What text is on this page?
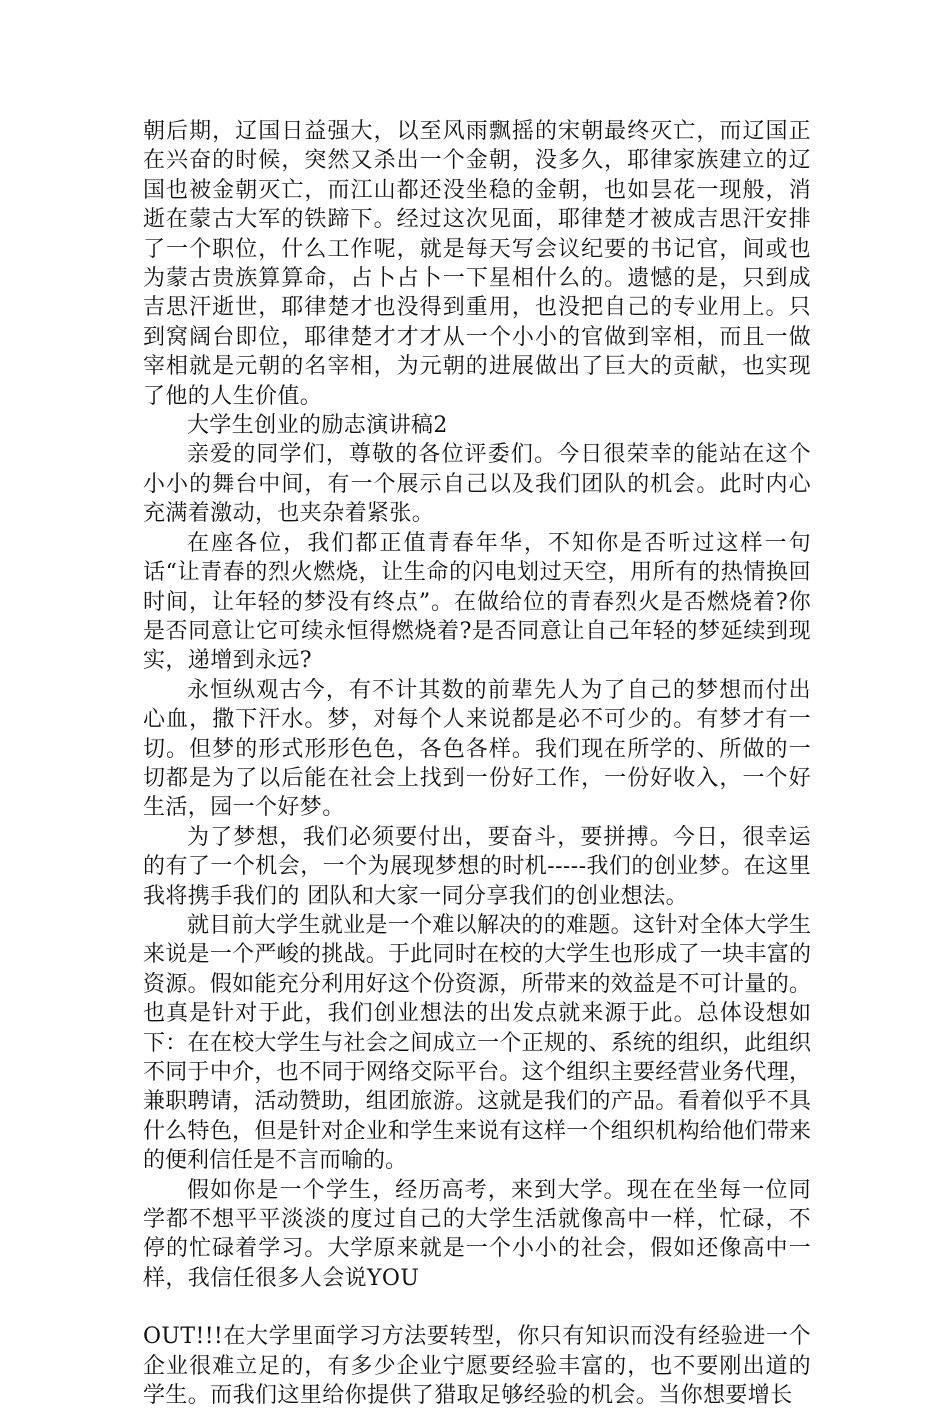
朝后期，辽国日益强大，以至风雨飘摇的宋朝最终灭亡，而辽国正在兴奋的时候，突然又杀出一个金朝，没多久，耶律家族建立的辽国也被金朝灭亡，而江山都还没坐稳的金朝，也如昙花一现般，消逝在蒙古大军的铁蹄下。经过这次见面，耶律楚才被成吉思汗安排了一个职位，什么工作呢，就是每天写会议纪要的书记官，间或也为蒙古贵族算算命，占卜占卜一下星相什么的。遗憾的是，只到成吉思汗逝世，耶律楚才也没得到重用，也没把自己的专业用上。只到窝阔台即位，耶律楚才才才从一个小小的官做到宰相，而且一做宰相就是元朝的名宰相，为元朝的进展做出了巨大的贡献，也实现了他的人生价值。

大学生创业的励志演讲稿2

亲爱的同学们，尊敬的各位评委们。今日很荣幸的能站在这个小小的舞台中间，有一个展示自己以及我们团队的机会。此时内心充满着激动，也夹杂着紧张。

在座各位，我们都正值青春年华，不知你是否听过这样一句话“让青春的烈火燃烧，让生命的闪电划过天空，用所有的热情换回时间，让年轻的梦没有终点”。在做给位的青春烈火是否燃烧着?你是否同意让它可续永恒得燃烧着?是否同意让自己年轻的梦延续到现实，递增到永远?

永恒纵观古今，有不计其数的前辈先人为了自己的梦想而付出心血，撒下汗水。梦，对每个人来说都是必不可少的。有梦才有一切。但梦的形式形形色色，各色各样。我们现在所学的、所做的一切都是为了以后能在社会上找到一份好工作，一份好收入，一个好生活，园一个好梦。

为了梦想，我们必须要付出，要奋斗，要拼搏。今日，很幸运的有了一个机会，一个为展现梦想的时机-----我们的创业梦。在这里我将携手我们的 团队和大家一同分享我们的创业想法。

就目前大学生就业是一个难以解决的的难题。这针对全体大学生来说是一个严峻的挑战。于此同时在校的大学生也形成了一块丰富的资源。假如能充分利用好这个份资源，所带来的效益是不可计量的。也真是针对于此，我们创业想法的出发点就来源于此。总体设想如下：在在校大学生与社会之间成立一个正规的、系统的组织，此组织不同于中介，也不同于网络交际平台。这个组织主要经营业务代理，兼职聘请，活动赞助，组团旅游。这就是我们的产品。看着似乎不具什么特色，但是针对企业和学生来说有这样一个组织机构给他们带来的便利信任是不言而喻的。

假如你是一个学生，经历高考，来到大学。现在在坐每一位同学都不想平平淡淡的度过自己的大学生活就像高中一样，忙碌，不停的忙碌着学习。大学原来就是一个小小的社会，假如还像高中一样，我信任很多人会说YOU

OUT!!!在大学里面学习方法要转型，你只有知识而没有经验进一个企业很难立足的，有多少企业宁愿要经验丰富的，也不要刚出道的学生。而我们这里给你提供了猎取足够经验的机会。当你想要增长
